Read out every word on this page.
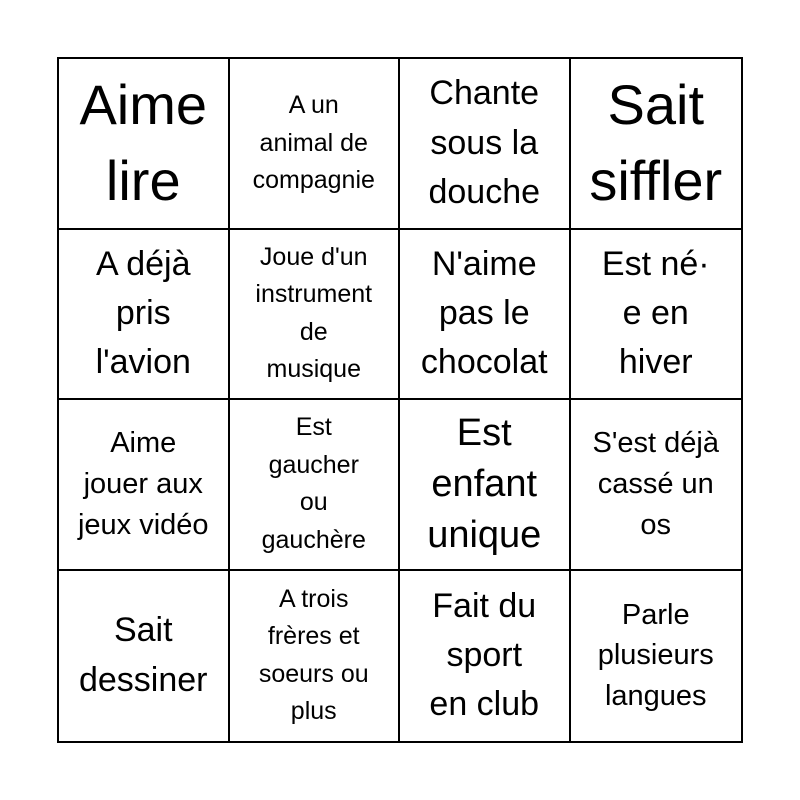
Aime
lire
A un
animal de
compagnie
Chante
sous la
douche
Sait
siffler
A déjà
pris
l'avion
Joue d'un
instrument
de
musique
N'aime
pas le
chocolat
Est né·
e en
hiver
Aime
jouer aux
jeux vidéo
Est
gaucher
ou
gauchère
Est
enfant
unique
S'est déjà
cassé un
os
Sait
dessiner
A trois
frères et
soeurs ou
plus
Fait du
sport
en club
Parle
plusieurs
langues
